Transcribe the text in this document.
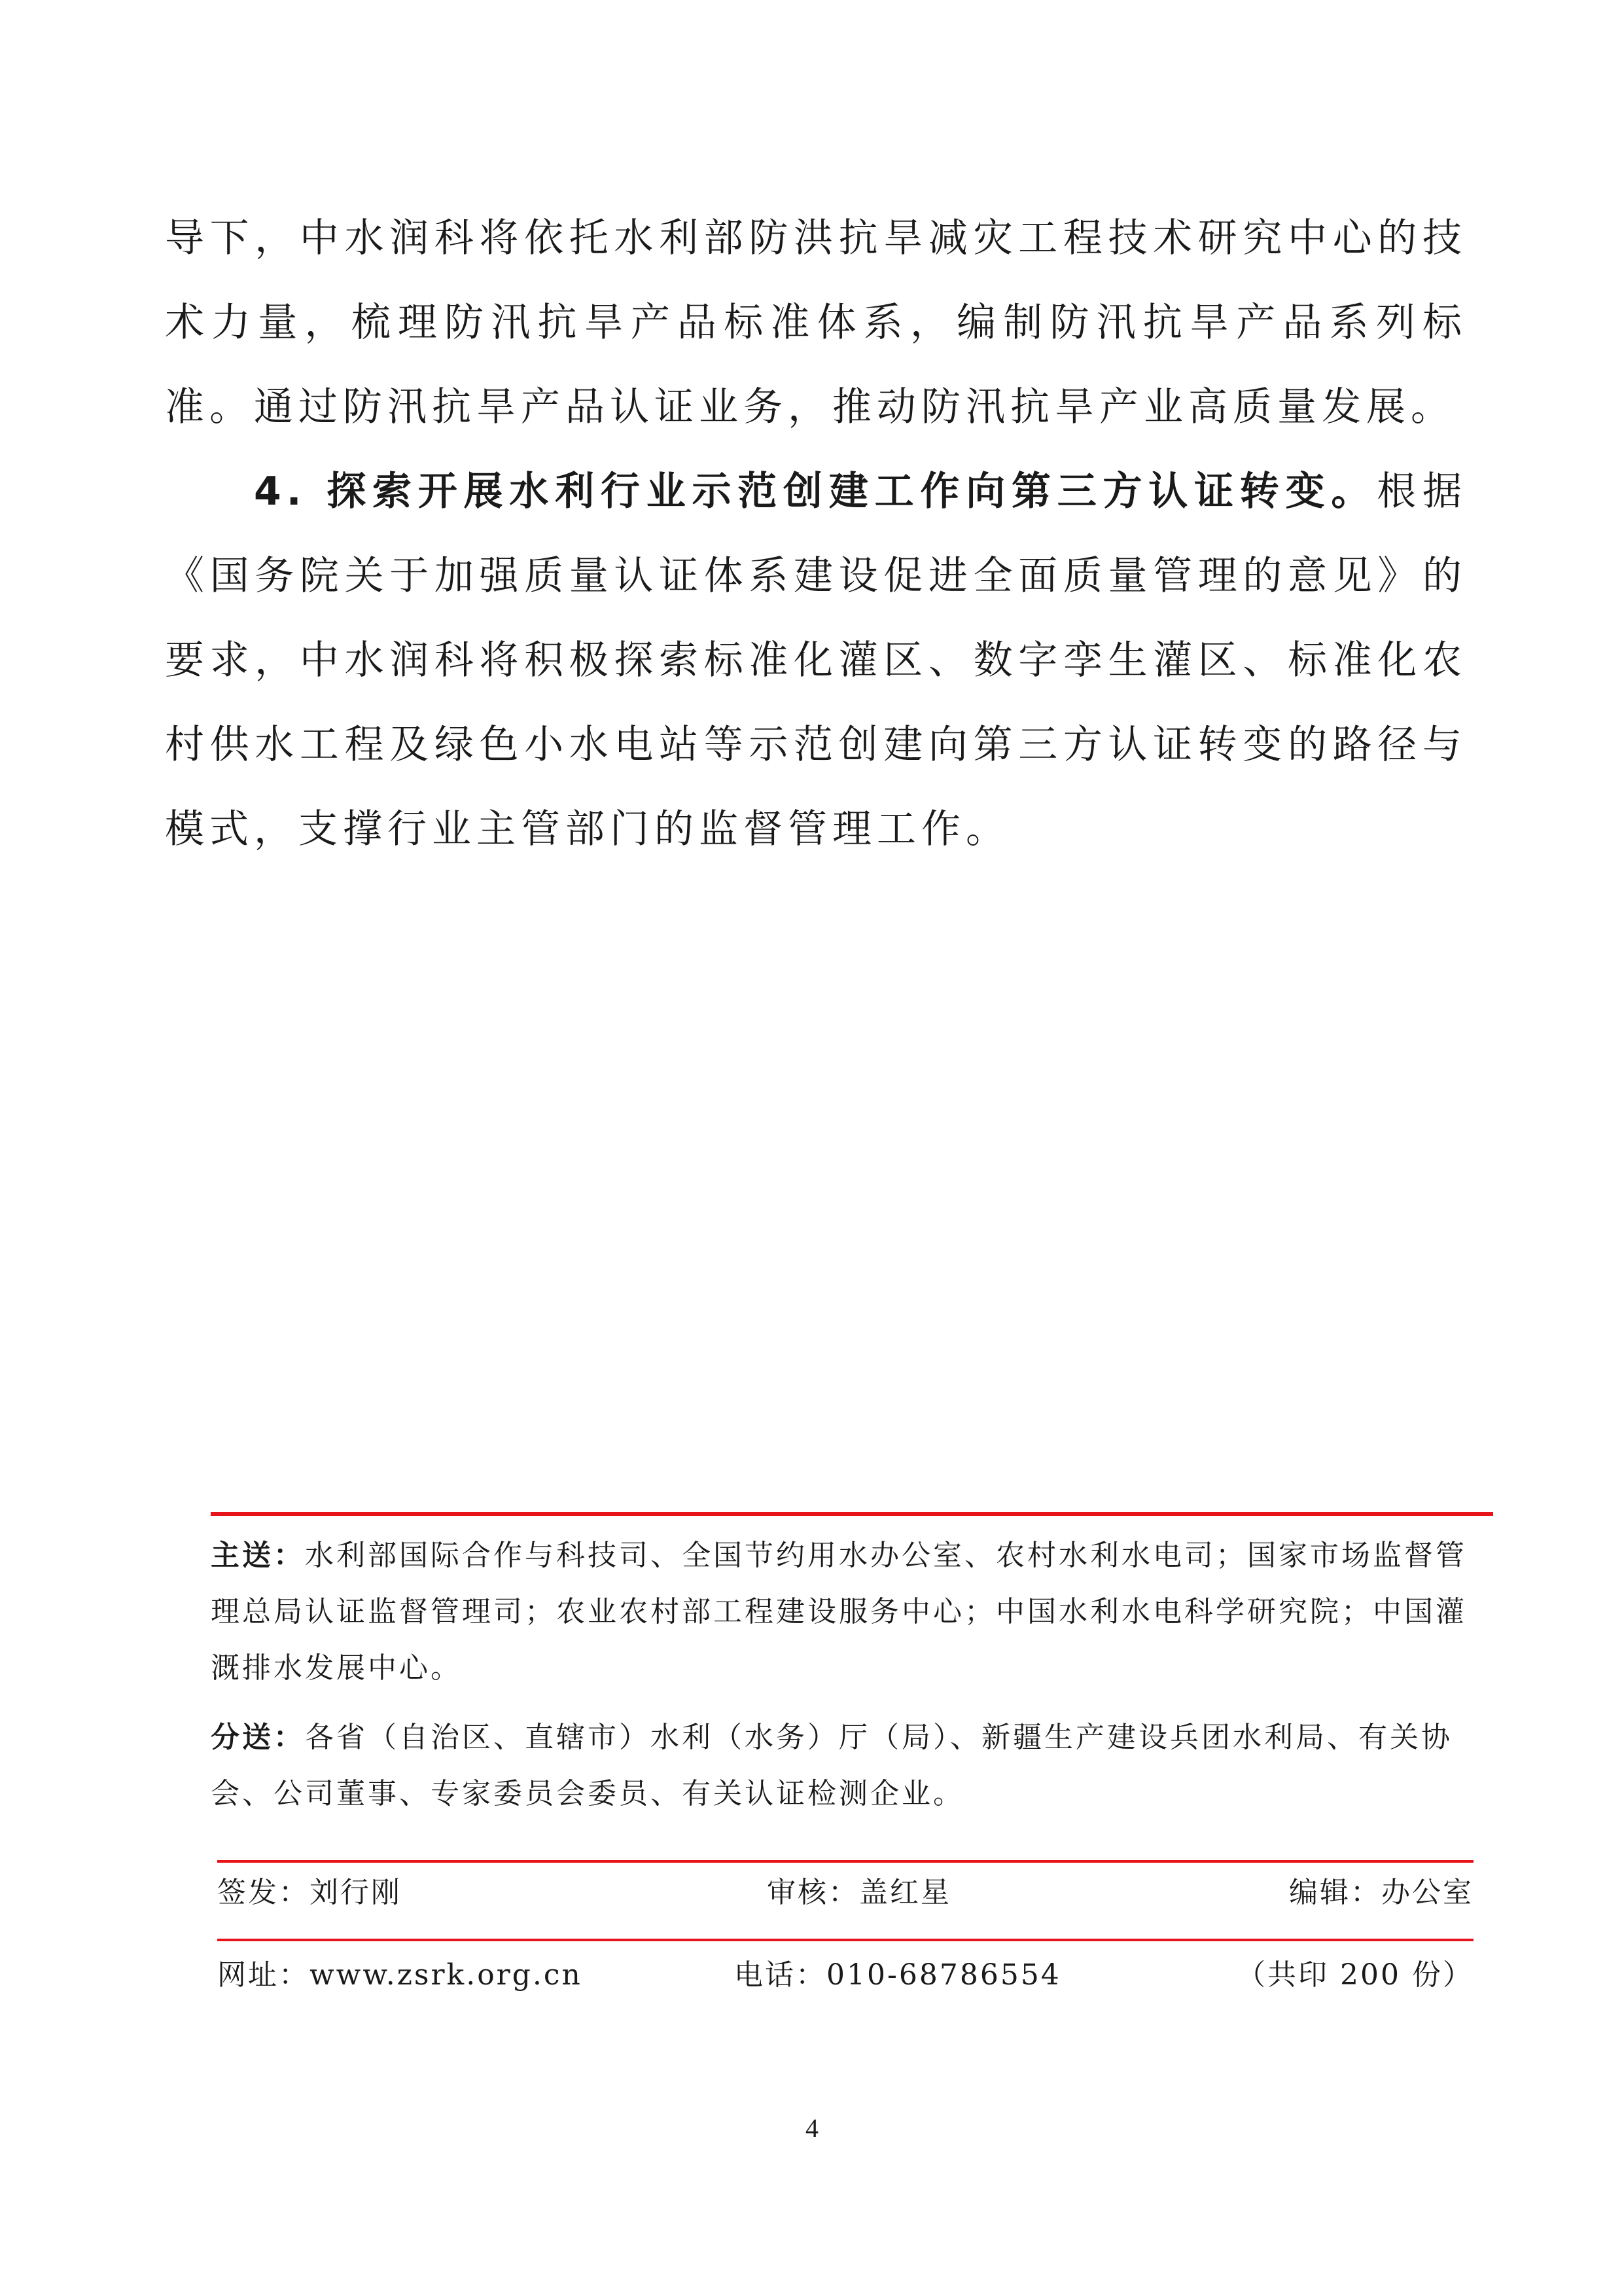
导下，中水润科将依托水利部防洪抗旱减灾工程技术研究中心的技术力量，梳理防汛抗旱产品标准体系，编制防汛抗旱产品系列标准。通过防汛抗旱产品认证业务，推动防汛抗旱产业高质量发展。

4. 探索开展水利行业示范创建工作向第三方认证转变。根据《国务院关于加强质量认证体系建设促进全面质量管理的意见》的要求，中水润科将积极探索标准化灌区、数字孪生灌区、标准化农村供水工程及绿色小水电站等示范创建向第三方认证转变的路径与模式，支撑行业主管部门的监督管理工作。

主送：水利部国际合作与科技司、全国节约用水办公室、农村水利水电司；国家市场监督管理总局认证监督管理司；农业农村部工程建设服务中心；中国水利水电科学研究院；中国灌溉排水发展中心。
分送：各省（自治区、直辖市）水利（水务）厅（局）、新疆生产建设兵团水利局、有关协会、公司董事、专家委员会委员、有关认证检测企业。
签发：刘行刚	审核：盖红星	编辑：办公室
网址：www.zsrk.org.cn	电话：010-68786554	（共印 200 份）
4
